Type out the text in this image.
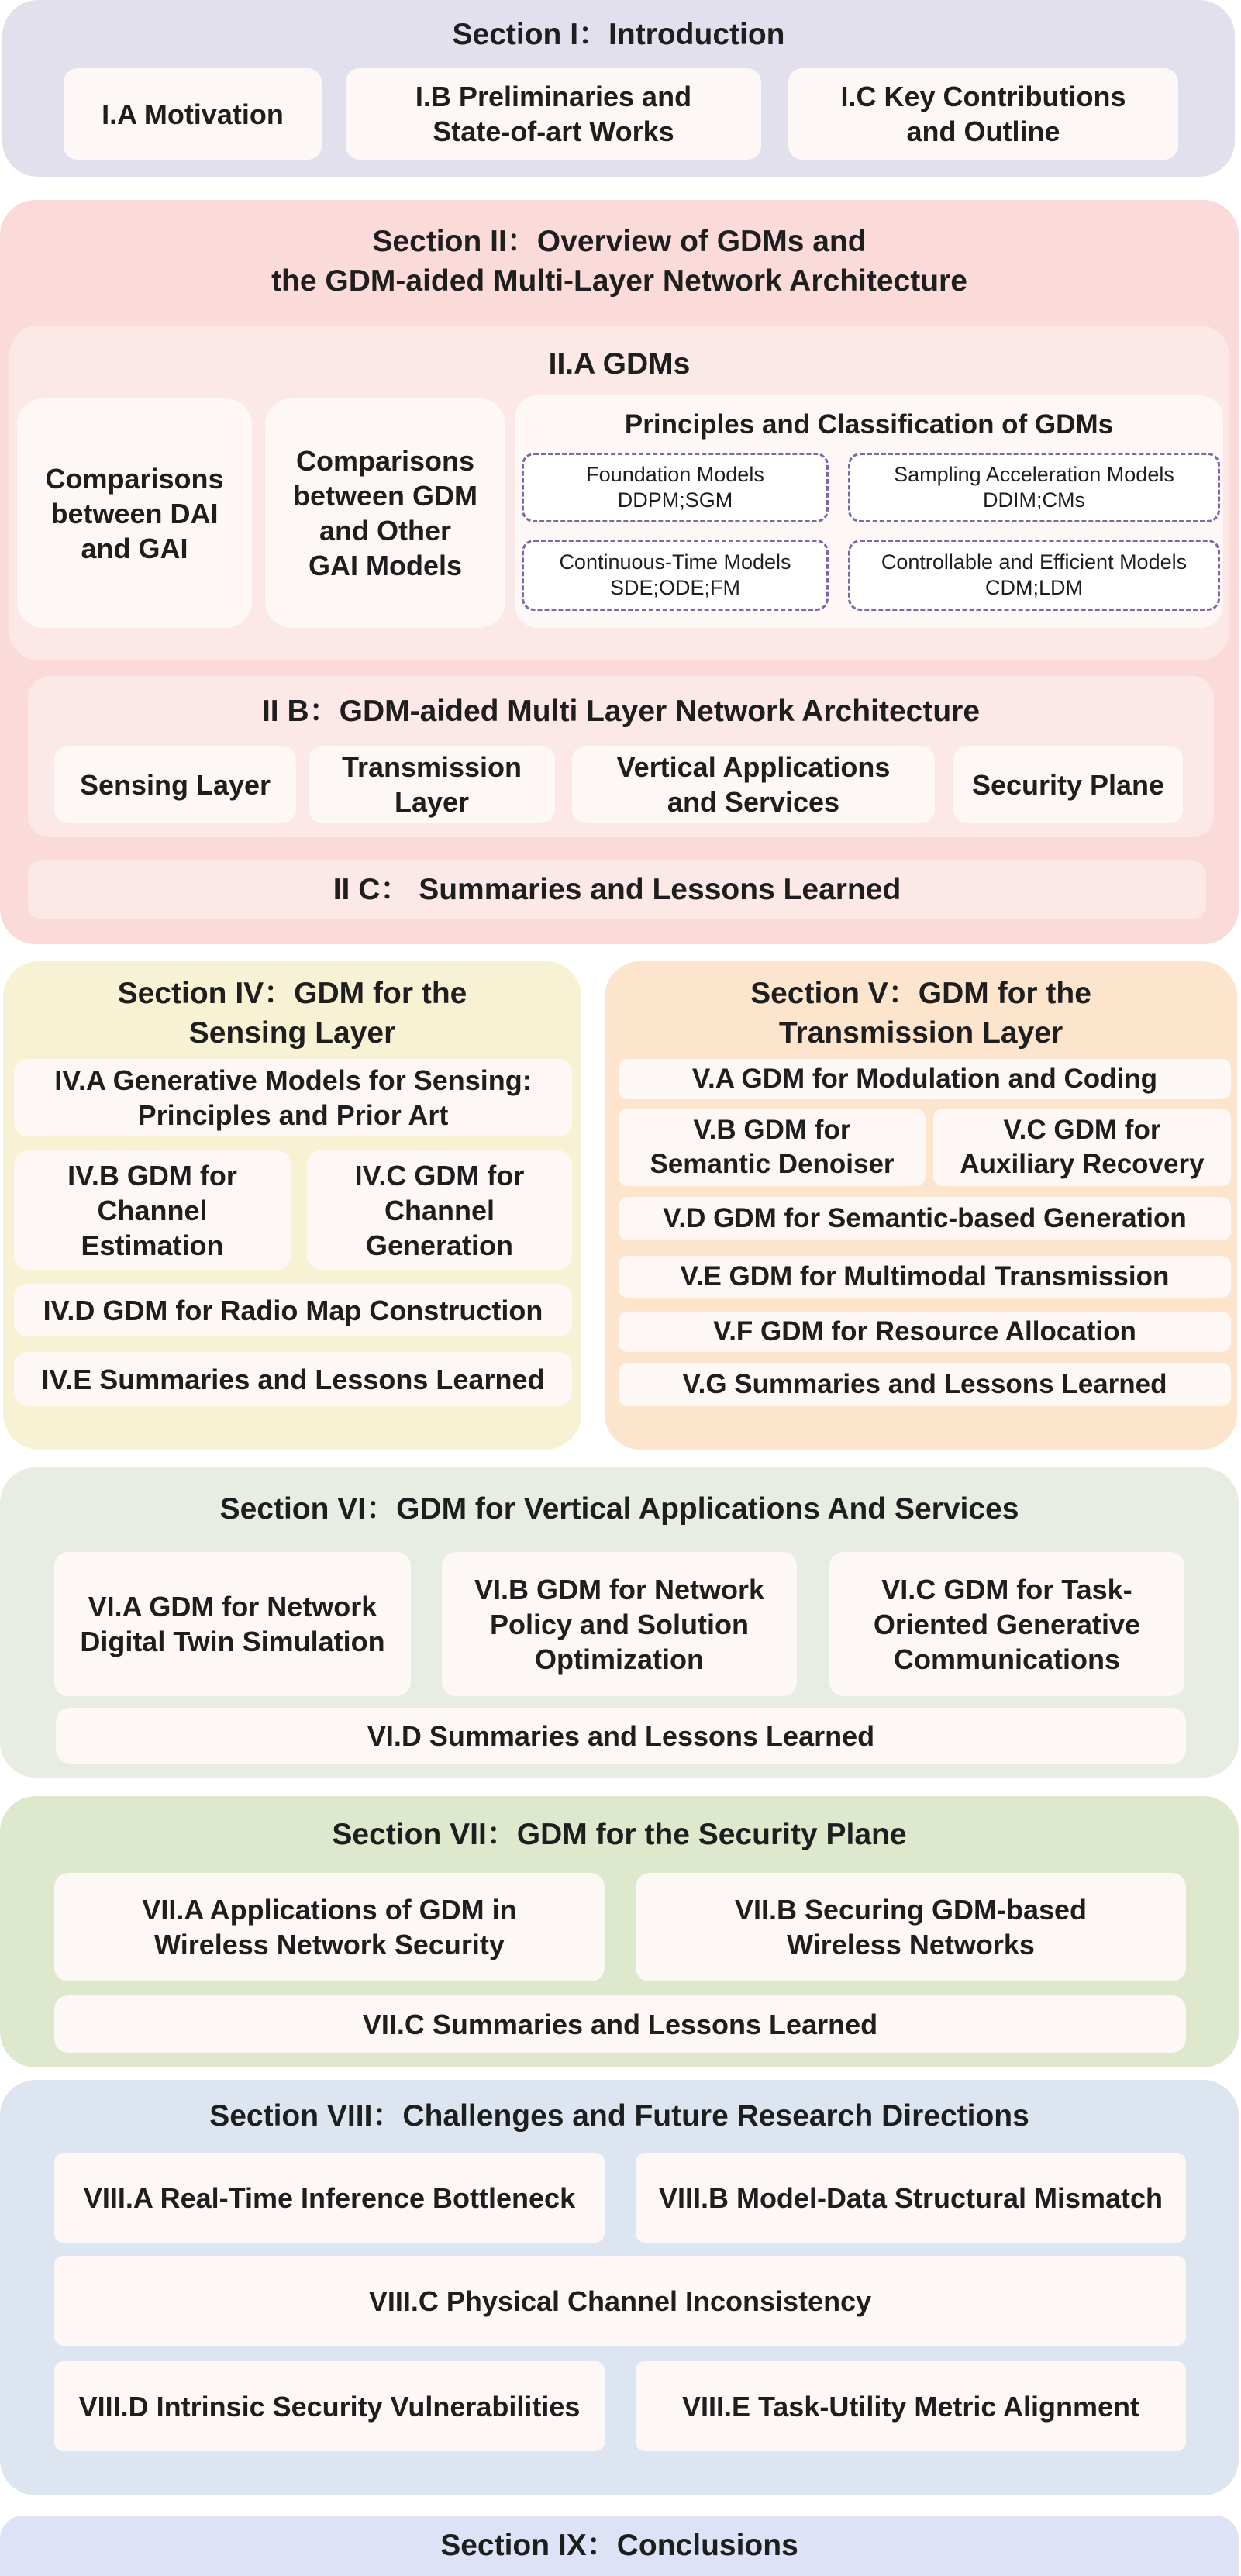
Section I：Introduction
I.A Motivation
I.B Preliminaries and
State-of-art Works
I.C Key Contributions
and Outline
Section II：Overview of GDMs and
the GDM-aided Multi-Layer Network Architecture
II.A GDMs
Comparisons
between DAI
and GAI
Comparisons
between GDM
and Other
GAI Models
Principles and Classification of GDMs
Foundation Models
DDPM;SGM
Sampling Acceleration Models
DDIM;CMs
Continuous-Time Models
SDE;ODE;FM
Controllable and Efficient Models
CDM;LDM
II B：GDM-aided Multi Layer Network Architecture
Sensing Layer
Transmission
Layer
Vertical Applications
and Services
Security Plane
II C： Summaries and Lessons Learned
Section IV：GDM for the
Sensing Layer
IV.A Generative Models for Sensing:
Principles and Prior Art
IV.B GDM for
Channel
Estimation
IV.C GDM for
Channel
Generation
IV.D GDM for Radio Map Construction
IV.E Summaries and Lessons Learned
Section V：GDM for the
Transmission Layer
V.A GDM for Modulation and Coding
V.B GDM for
Semantic Denoiser
V.C GDM for
Auxiliary Recovery
V.D GDM for Semantic-based Generation
V.E GDM for Multimodal Transmission
V.F GDM for Resource Allocation
V.G Summaries and Lessons Learned
Section VI：GDM for Vertical Applications And Services
VI.A GDM for Network
Digital Twin Simulation
VI.B GDM for Network
Policy and Solution
Optimization
VI.C GDM for Task-
Oriented Generative
Communications
VI.D Summaries and Lessons Learned
Section VII：GDM for the Security Plane
VII.A Applications of GDM in
Wireless Network Security
VII.B Securing GDM-based
Wireless Networks
VII.C Summaries and Lessons Learned
Section VIII：Challenges and Future Research Directions
VIII.A Real-Time Inference Bottleneck	VIII.B Model-Data Structural Mismatch
VIII.C Physical Channel Inconsistency
VIII.D Intrinsic Security Vulnerabilities	VIII.E Task-Utility Metric Alignment
Section IX：Conclusions
